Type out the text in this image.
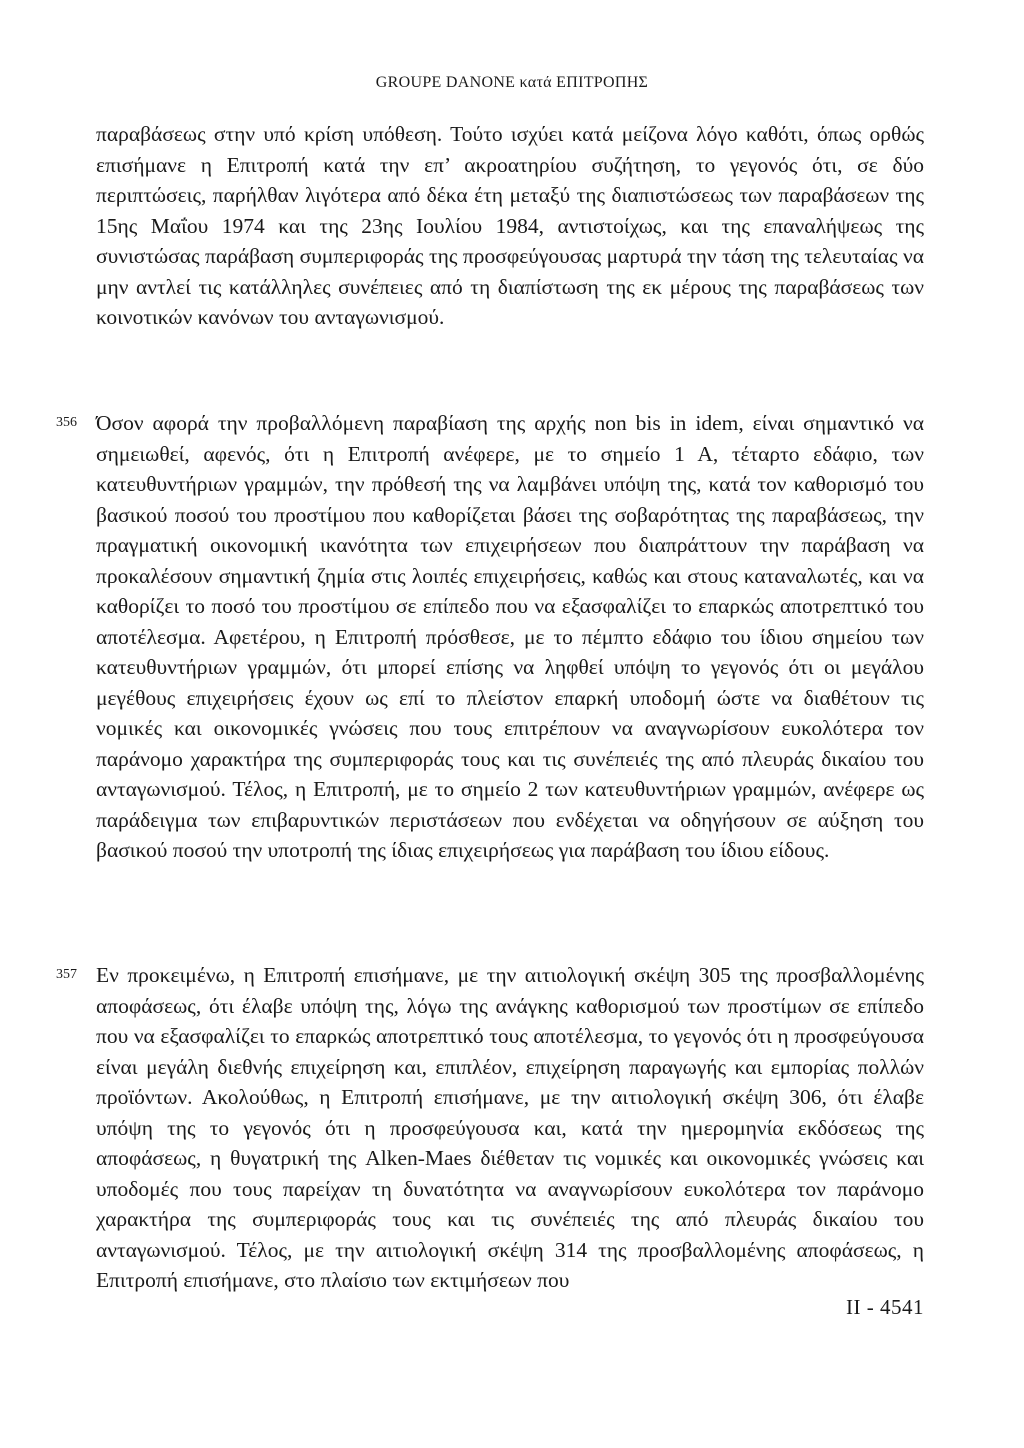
GROUPE DANONE κατά ΕΠΙΤΡΟΠΗΣ

παραβάσεως στην υπό κρίση υπόθεση. Τούτο ισχύει κατά μείζονα λόγο καθότι, όπως ορθώς επισήμανε η Επιτροπή κατά την επ’ ακροατηρίου συζήτηση, το γεγονός ότι, σε δύο περιπτώσεις, παρήλθαν λιγότερα από δέκα έτη μεταξύ της διαπιστώσεως των παραβάσεων της 15ης Μαΐου 1974 και της 23ης Ιουλίου 1984, αντιστοίχως, και της επαναλήψεως της συνιστώσας παράβαση συμπεριφοράς της προσφεύγουσας μαρτυρά την τάση της τελευταίας να μην αντλεί τις κατάλληλες συνέπειες από τη διαπίστωση της εκ μέρους της παραβάσεως των κοινοτικών κανόνων του ανταγωνισμού.

356 Όσον αφορά την προβαλλόμενη παραβίαση της αρχής non bis in idem, είναι σημαντικό να σημειωθεί, αφενός, ότι η Επιτροπή ανέφερε, με το σημείο 1 Α, τέταρτο εδάφιο, των κατευθυντήριων γραμμών, την πρόθεσή της να λαμβάνει υπόψη της, κατά τον καθορισμό του βασικού ποσού του προστίμου που καθορίζεται βάσει της σοβαρότητας της παραβάσεως, την πραγματική οικονομική ικανότητα των επιχειρήσεων που διαπράττουν την παράβαση να προκαλέσουν σημαντική ζημία στις λοιπές επιχειρήσεις, καθώς και στους καταναλωτές, και να καθορίζει το ποσό του προστίμου σε επίπεδο που να εξασφαλίζει το επαρκώς αποτρεπτικό του αποτέλεσμα. Αφετέρου, η Επιτροπή πρόσθεσε, με το πέμπτο εδάφιο του ίδιου σημείου των κατευθυντήριων γραμμών, ότι μπορεί επίσης να ληφθεί υπόψη το γεγονός ότι οι μεγάλου μεγέθους επιχειρήσεις έχουν ως επί το πλείστον επαρκή υποδομή ώστε να διαθέτουν τις νομικές και οικονομικές γνώσεις που τους επιτρέπουν να αναγνωρίσουν ευκολότερα τον παράνομο χαρακτήρα της συμπεριφοράς τους και τις συνέπειές της από πλευράς δικαίου του ανταγωνισμού. Τέλος, η Επιτροπή, με το σημείο 2 των κατευθυντήριων γραμμών, ανέφερε ως παράδειγμα των επιβαρυντικών περιστάσεων που ενδέχεται να οδηγήσουν σε αύξηση του βασικού ποσού την υποτροπή της ίδιας επιχειρήσεως για παράβαση του ίδιου είδους.

357 Εν προκειμένω, η Επιτροπή επισήμανε, με την αιτιολογική σκέψη 305 της προσβαλλομένης αποφάσεως, ότι έλαβε υπόψη της, λόγω της ανάγκης καθορισμού των προστίμων σε επίπεδο που να εξασφαλίζει το επαρκώς αποτρεπτικό τους αποτέλεσμα, το γεγονός ότι η προσφεύγουσα είναι μεγάλη διεθνής επιχείρηση και, επιπλέον, επιχείρηση παραγωγής και εμπορίας πολλών προϊόντων. Ακολούθως, η Επιτροπή επισήμανε, με την αιτιολογική σκέψη 306, ότι έλαβε υπόψη της το γεγονός ότι η προσφεύγουσα και, κατά την ημερομηνία εκδόσεως της αποφάσεως, η θυγατρική της Alken-Maes διέθεταν τις νομικές και οικονομικές γνώσεις και υποδομές που τους παρείχαν τη δυνατότητα να αναγνωρίσουν ευκολότερα τον παράνομο χαρακτήρα της συμπεριφοράς τους και τις συνέπειές της από πλευράς δικαίου του ανταγωνισμού. Τέλος, με την αιτιολογική σκέψη 314 της προσβαλλομένης αποφάσεως, η Επιτροπή επισήμανε, στο πλαίσιο των εκτιμήσεων που

II - 4541
